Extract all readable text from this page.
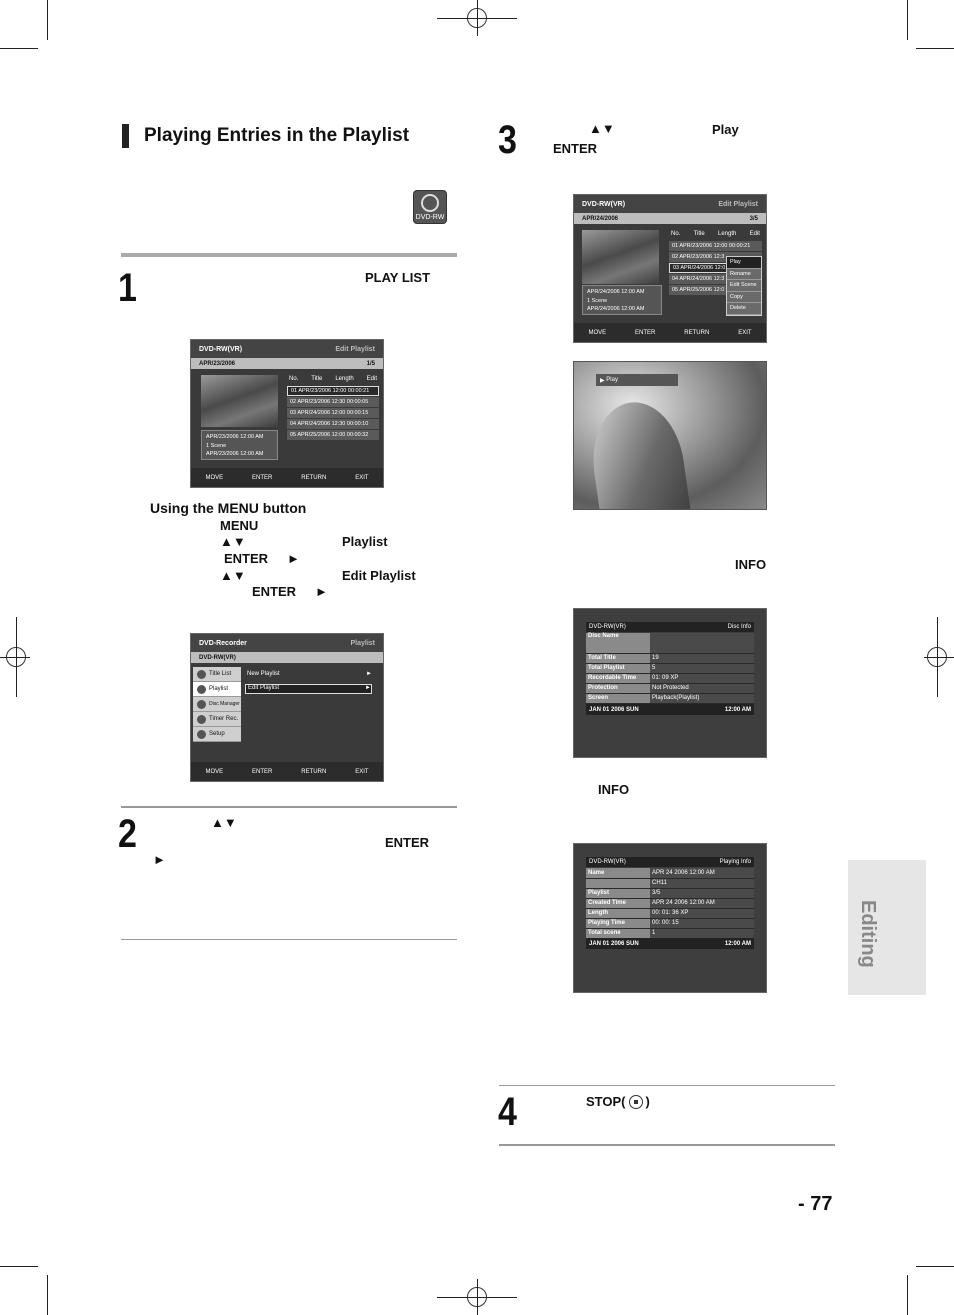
Playing Entries in the Playlist
DVD-RW
1	PLAY LIST
DVD-RW(VR)	Edit Playlist
APR/23/2006	1/5
APR/23/2006 12:00 AM
1 Scene
APR/23/2006 12:00 AM
No. Title Length Edit
01 APR/23/2006 12:00 00:00:21
02 APR/23/2006 12:30 00:00:05
03 APR/24/2006 12:00 00:00:15
04 APR/24/2006 12:30 00:00:10
05 APR/25/2006 12:00 00:00:32
MOVE	ENTER	RETURN	EXIT
Using the MENU button
MENU
▲▼	Playlist
ENTER ►
▲▼	Edit Playlist
ENTER ►
DVD-Recorder	Playlist
DVD-RW(VR)
Title List
Playlist
Disc Manager
Timer Rec.
Setup
New Playlist	►
Edit Playlist	►
MOVE	ENTER	RETURN	EXIT
2	▲▼
ENTER
►
3	▲▼	Play
ENTER
DVD-RW(VR)	Edit Playlist
APR/24/2006	3/5
APR/24/2006 12:00 AM
1 Scene
APR/24/2006 12:00 AM
No. Title Length Edit
01 APR/23/2006 12:00 00:00:21
02 APR/23/2006 12:3
03 APR/24/2006 12:0
04 APR/24/2006 12:3
05 APR/25/2006 12:0
Play
Rename
Edit Scene
Copy
Delete
MOVE	ENTER	RETURN	EXIT
▶ Play
INFO
DVD-RW(VR)	Disc Info
Disc Name	
Total Title	19
Total Playlist	5
Recordable Time	01: 09 XP
Protection	Not Protected
Screen	Playback(Playlist)
JAN 01 2006 SUN	12:00 AM
INFO
DVD-RW(VR)	Playing Info
Name	APR 24 2006 12:00 AM
	CH11
Playlist	3/5
Created Time	APR 24 2006 12:00 AM
Length	00: 01: 36 XP
Playing Time	00: 00: 15
Total scene	1
JAN 01 2006 SUN	12:00 AM
4	STOP( )
Editing
- 77
